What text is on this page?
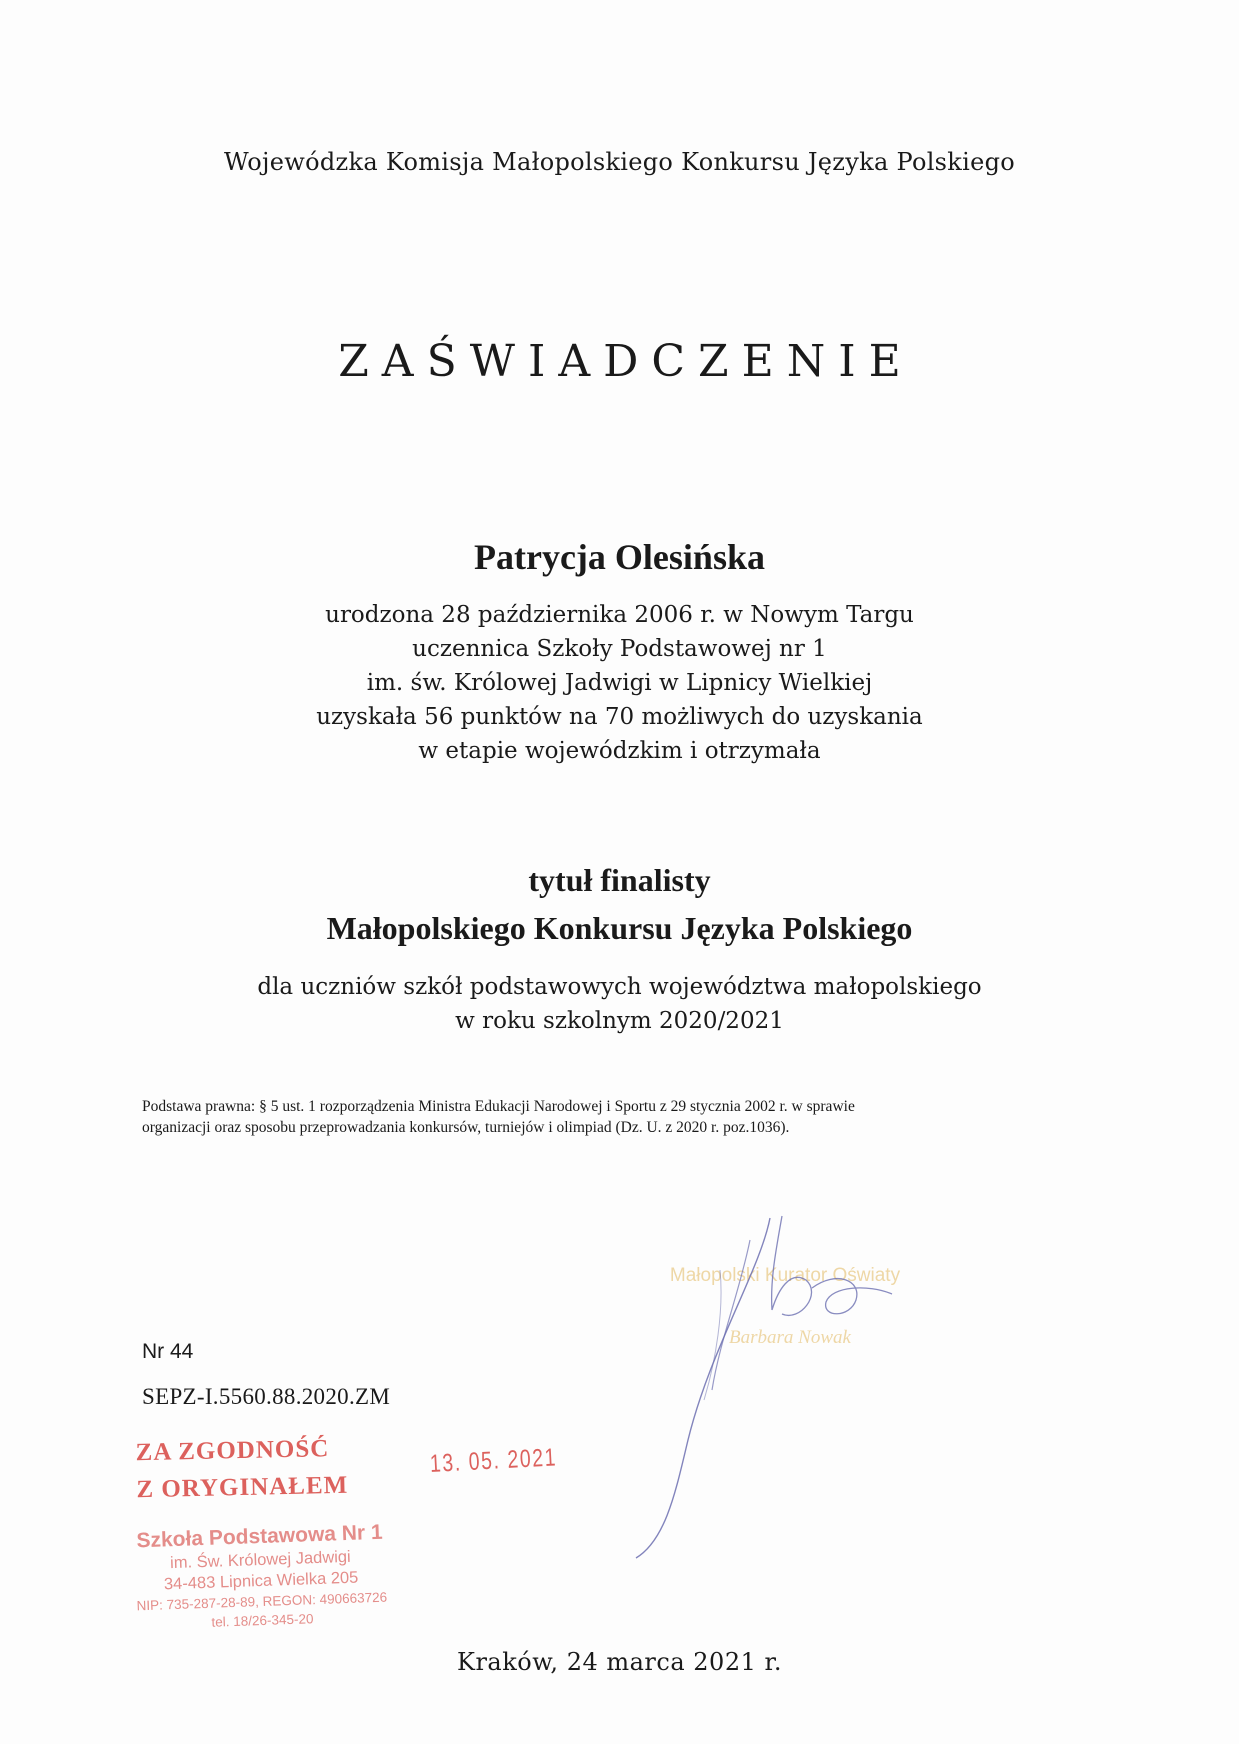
Wojewódzka Komisja Małopolskiego Konkursu Języka Polskiego
ZAŚWIADCZENIE
Patrycja Olesińska
urodzona 28 października 2006 r. w Nowym Targu
uczennica Szkoły Podstawowej nr 1
im. św. Królowej Jadwigi w Lipnicy Wielkiej
uzyskała 56 punktów na 70 możliwych do uzyskania
w etapie wojewódzkim i otrzymała
tytuł finalisty
Małopolskiego Konkursu Języka Polskiego
dla uczniów szkół podstawowych województwa małopolskiego
w roku szkolnym 2020/2021
Podstawa prawna: § 5 ust. 1 rozporządzenia Ministra Edukacji Narodowej i Sportu z 29 stycznia 2002 r. w sprawie
organizacji oraz sposobu przeprowadzania konkursów, turniejów i olimpiad (Dz. U. z 2020 r. poz.1036).
Małopolski Kurator Oświaty
Barbara Nowak
Nr 44
SEPZ-I.5560.88.2020.ZM
ZA ZGODNOŚĆ
Z ORYGINAŁEM
13. 05. 2021
Szkoła Podstawowa Nr 1
im. Św. Królowej Jadwigi
34-483 Lipnica Wielka 205
NIP: 735-287-28-89, REGON: 490663726
tel. 18/26-345-20
Kraków, 24 marca 2021 r.
